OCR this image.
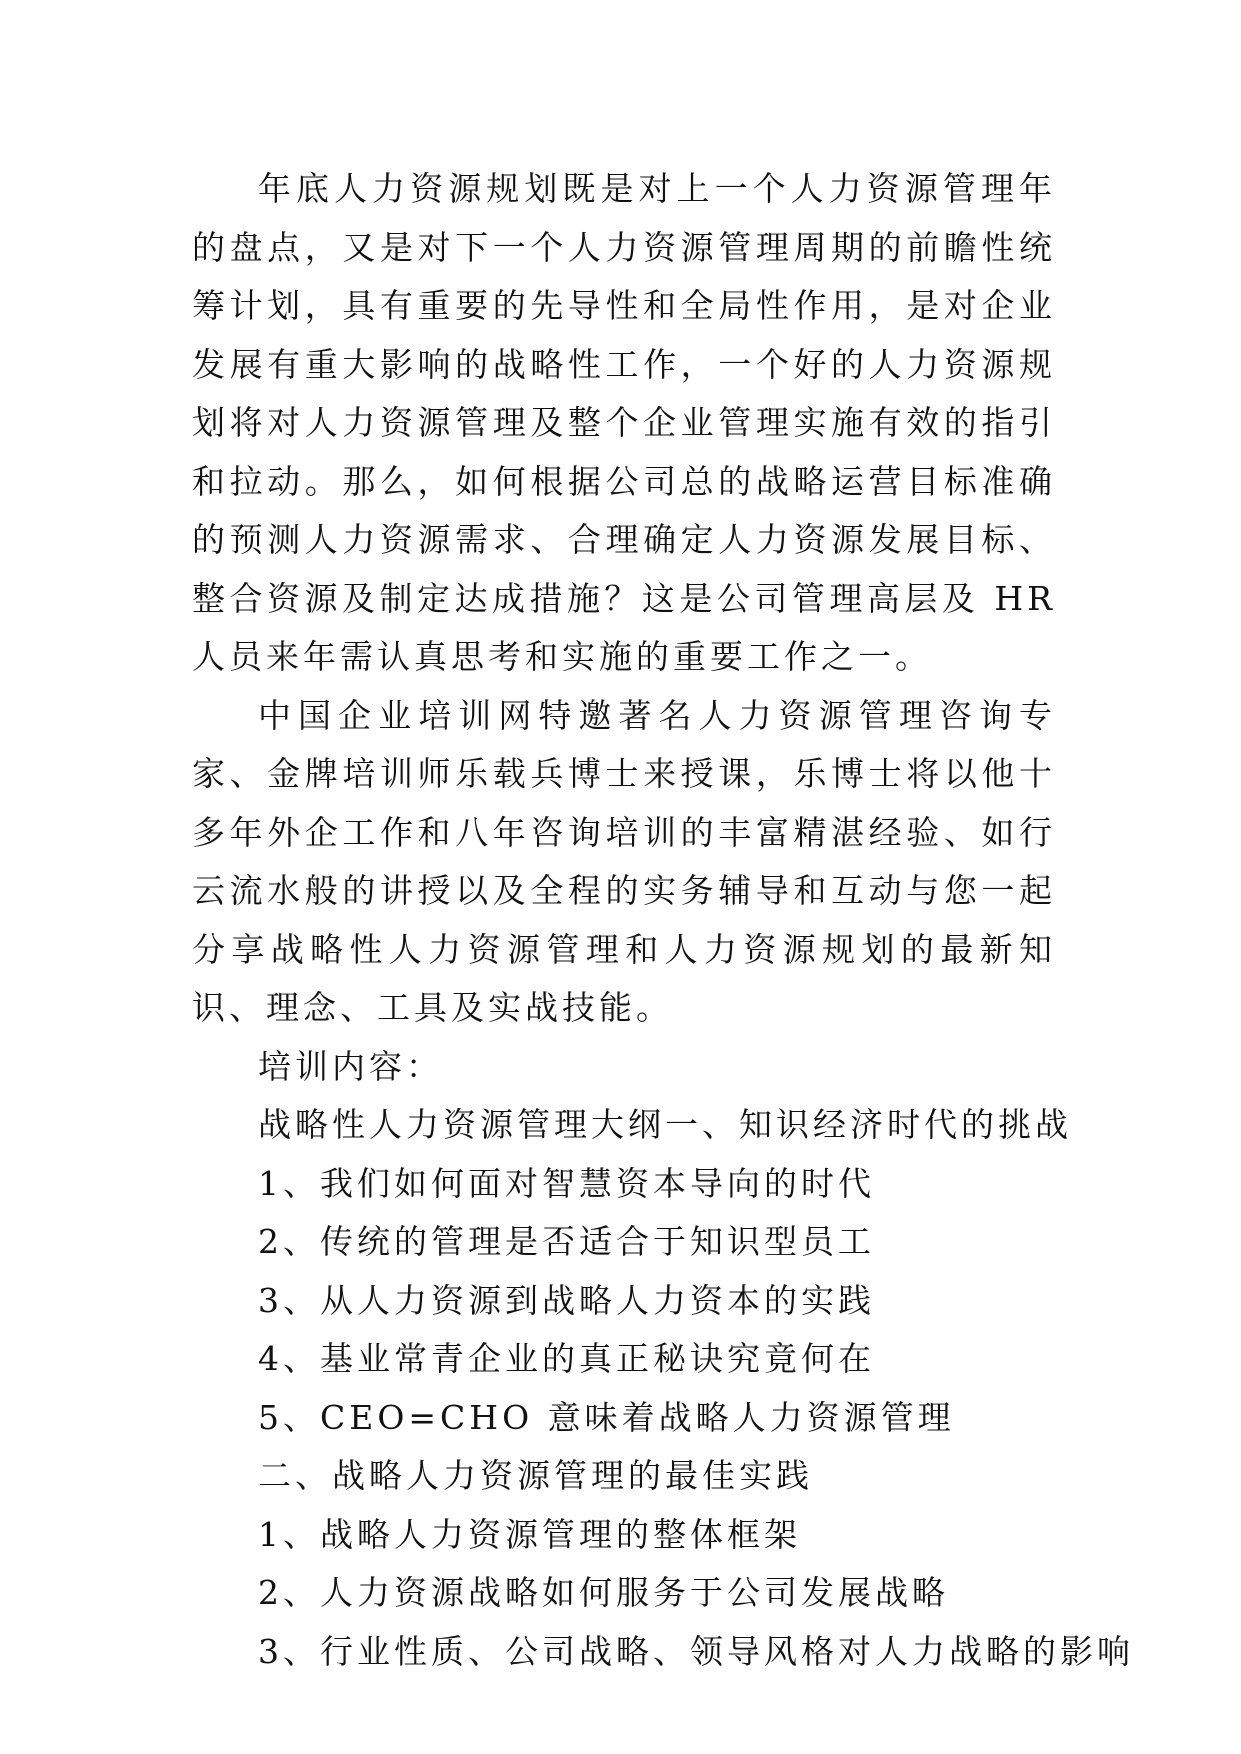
年底人力资源规划既是对上一个人力资源管理年的盘点，又是对下一个人力资源管理周期的前瞻性统筹计划，具有重要的先导性和全局性作用，是对企业发展有重大影响的战略性工作，一个好的人力资源规划将对人力资源管理及整个企业管理实施有效的指引和拉动。那么，如何根据公司总的战略运营目标准确的预测人力资源需求、合理确定人力资源发展目标、整合资源及制定达成措施？这是公司管理高层及 HR 人员来年需认真思考和实施的重要工作之一。

中国企业培训网特邀著名人力资源管理咨询专家、金牌培训师乐载兵博士来授课，乐博士将以他十多年外企工作和八年咨询培训的丰富精湛经验、如行云流水般的讲授以及全程的实务辅导和互动与您一起分享战略性人力资源管理和人力资源规划的最新知识、理念、工具及实战技能。

培训内容：

战略性人力资源管理大纲一、知识经济时代的挑战

1、我们如何面对智慧资本导向的时代

2、传统的管理是否适合于知识型员工

3、从人力资源到战略人力资本的实践

4、基业常青企业的真正秘诀究竟何在

5、CEO=CHO 意味着战略人力资源管理

二、战略人力资源管理的最佳实践

1、战略人力资源管理的整体框架

2、人力资源战略如何服务于公司发展战略

3、行业性质、公司战略、领导风格对人力战略的影响
